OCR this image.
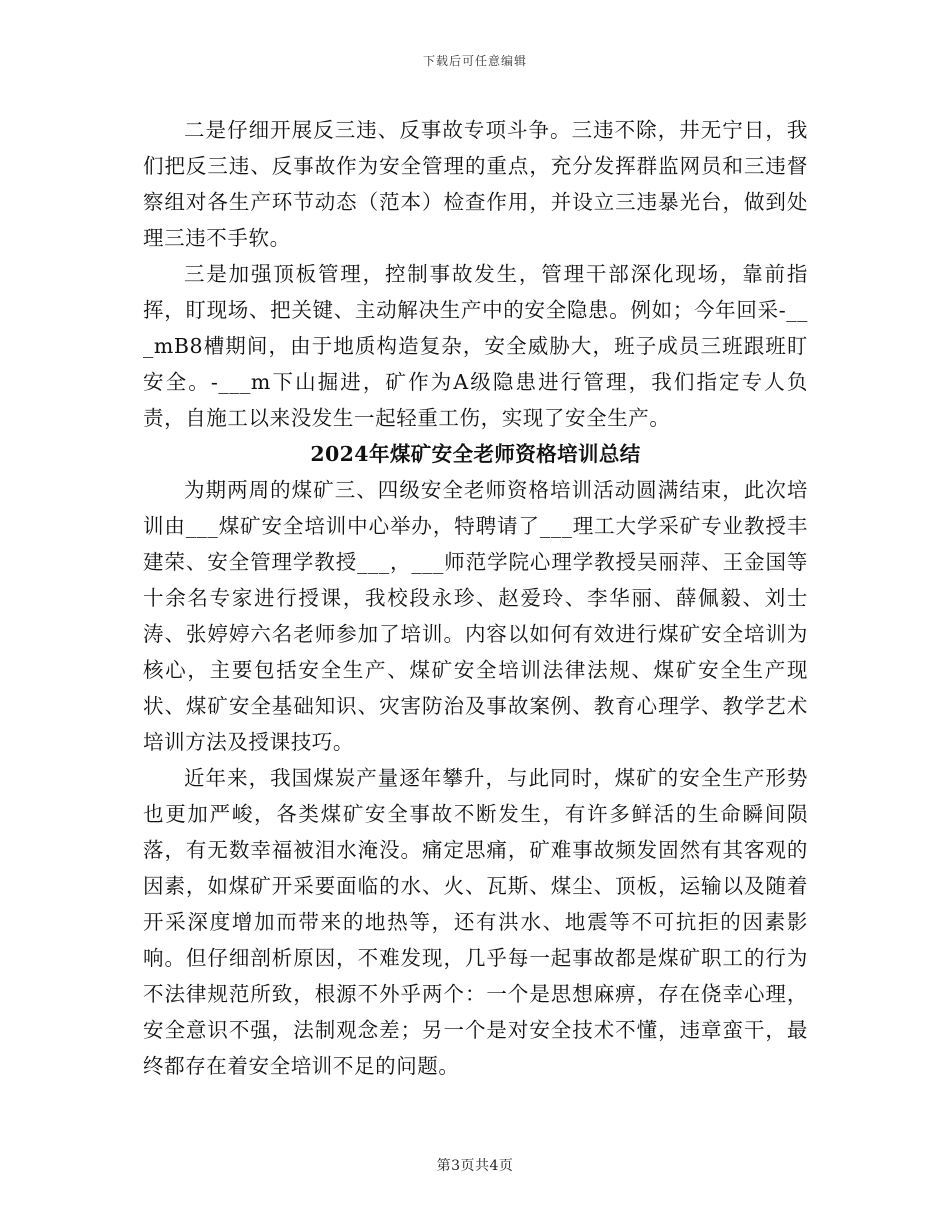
下载后可任意编辑

二是仔细开展反三违、反事故专项斗争。三违不除，井无宁日，我们把反三违、反事故作为安全管理的重点，充分发挥群监网员和三违督察组对各生产环节动态（范本）检查作用，并设立三违暴光台，做到处理三违不手软。

三是加强顶板管理，控制事故发生，管理干部深化现场，靠前指挥，盯现场、把关键、主动解决生产中的安全隐患。例如；今年回采-___mB8槽期间，由于地质构造复杂，安全威胁大，班子成员三班跟班盯安全。-___m下山掘进，矿作为A级隐患进行管理，我们指定专人负责，自施工以来没发生一起轻重工伤，实现了安全生产。

2024年煤矿安全老师资格培训总结

为期两周的煤矿三、四级安全老师资格培训活动圆满结束，此次培训由___煤矿安全培训中心举办，特聘请了___理工大学采矿专业教授丰建荣、安全管理学教授___，___师范学院心理学教授吴丽萍、王金国等十余名专家进行授课，我校段永珍、赵爱玲、李华丽、薛佩毅、刘士涛、张婷婷六名老师参加了培训。内容以如何有效进行煤矿安全培训为核心，主要包括安全生产、煤矿安全培训法律法规、煤矿安全生产现状、煤矿安全基础知识、灾害防治及事故案例、教育心理学、教学艺术培训方法及授课技巧。

近年来，我国煤炭产量逐年攀升，与此同时，煤矿的安全生产形势也更加严峻，各类煤矿安全事故不断发生，有许多鲜活的生命瞬间陨落，有无数幸福被泪水淹没。痛定思痛，矿难事故频发固然有其客观的因素，如煤矿开采要面临的水、火、瓦斯、煤尘、顶板，运输以及随着开采深度增加而带来的地热等，还有洪水、地震等不可抗拒的因素影响。但仔细剖析原因，不难发现，几乎每一起事故都是煤矿职工的行为不法律规范所致，根源不外乎两个：一个是思想麻痹，存在侥幸心理，安全意识不强，法制观念差；另一个是对安全技术不懂，违章蛮干，最终都存在着安全培训不足的问题。

第3页共4页
